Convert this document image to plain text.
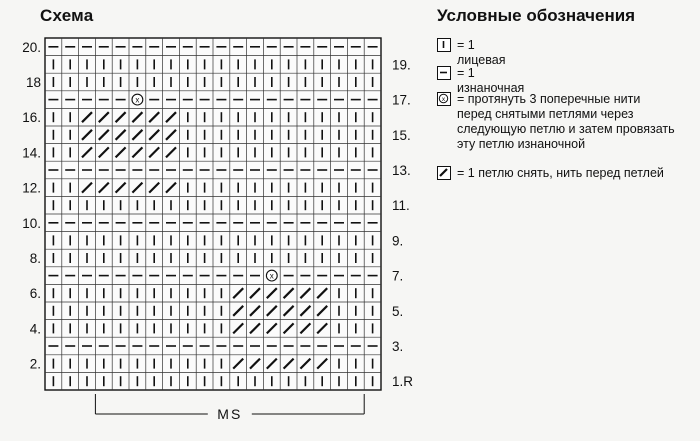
Схема	Условные обозначения
x
x
20.
18
16.
14.
12.
10.
8.
6.
4.
2.
19.
17.
15.
13.
11.
9.
7.
5.
3.
1.R
MS
= 1 лицевая
= 1 изнаночная
x = протянуть 3 поперечные нити перед снятыми петлями через следующую петлю и затем провязать эту петлю изнаночной
= 1 петлю снять, нить перед петлей
